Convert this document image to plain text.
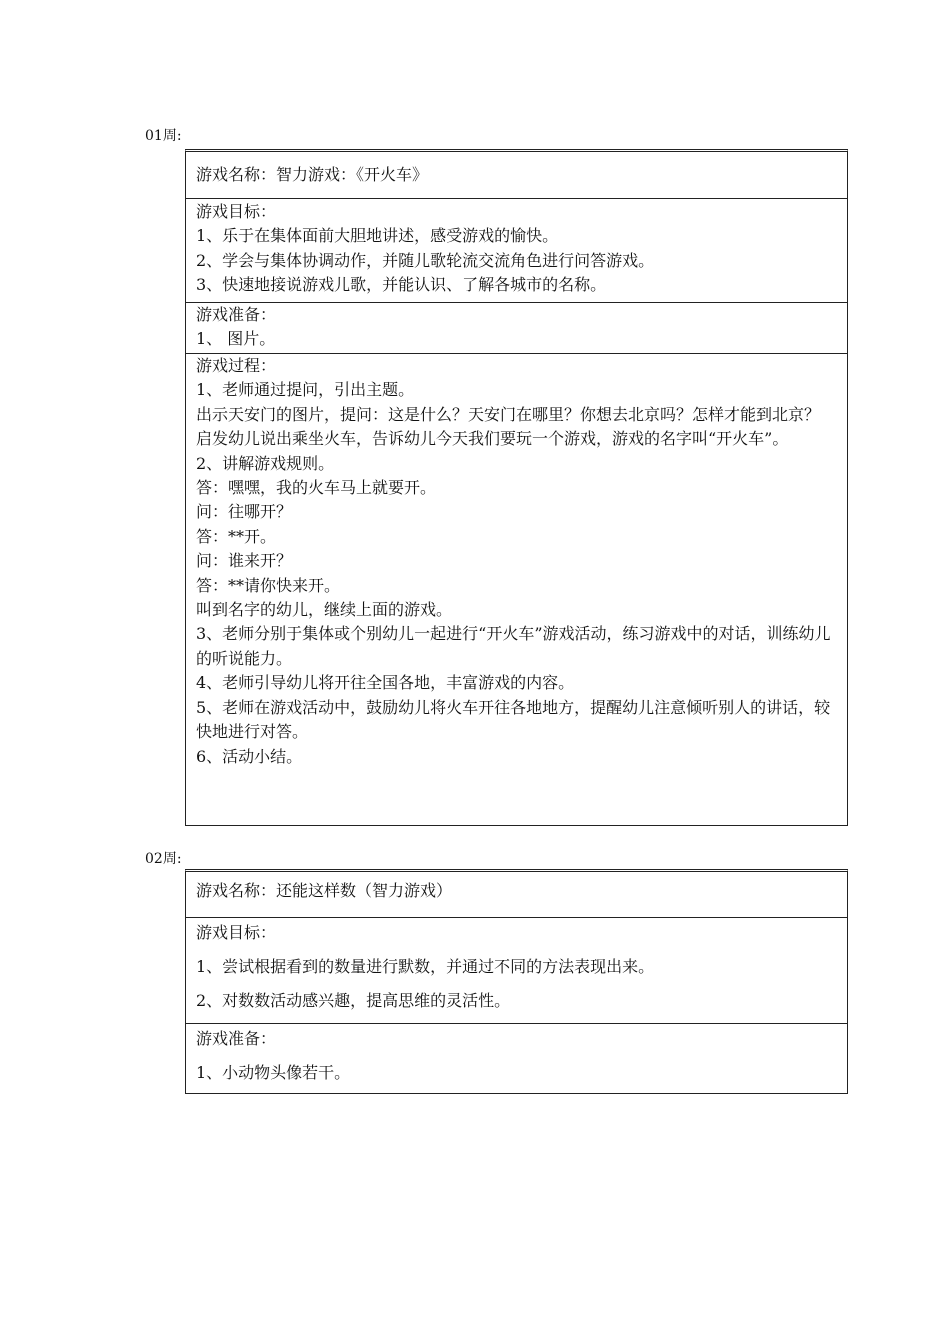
01周:
游戏名称：智力游戏：《开火车》
游戏目标：
1、乐于在集体面前大胆地讲述，感受游戏的愉快。
2、学会与集体协调动作，并随儿歌轮流交流角色进行问答游戏。
3、快速地接说游戏儿歌，并能认识、了解各城市的名称。
游戏准备：
1、 图片。
游戏过程：
1、老师通过提问，引出主题。
出示天安门的图片，提问：这是什么？天安门在哪里？你想去北京吗？怎样才能到北京？
启发幼儿说出乘坐火车，告诉幼儿今天我们要玩一个游戏，游戏的名字叫“开火车”。
2、讲解游戏规则。
答：嘿嘿，我的火车马上就要开。
问：往哪开？
答：**开。
问：谁来开？
答：**请你快来开。
叫到名字的幼儿，继续上面的游戏。
3、老师分别于集体或个别幼儿一起进行“开火车”游戏活动，练习游戏中的对话，训练幼儿的听说能力。
4、老师引导幼儿将开往全国各地，丰富游戏的内容。
5、老师在游戏活动中，鼓励幼儿将火车开往各地地方，提醒幼儿注意倾听别人的讲话，较快地进行对答。
6、活动小结。
02周:
游戏名称：还能这样数（智力游戏）
游戏目标：
1、尝试根据看到的数量进行默数，并通过不同的方法表现出来。
2、对数数活动感兴趣，提高思维的灵活性。
游戏准备：
1、小动物头像若干。
